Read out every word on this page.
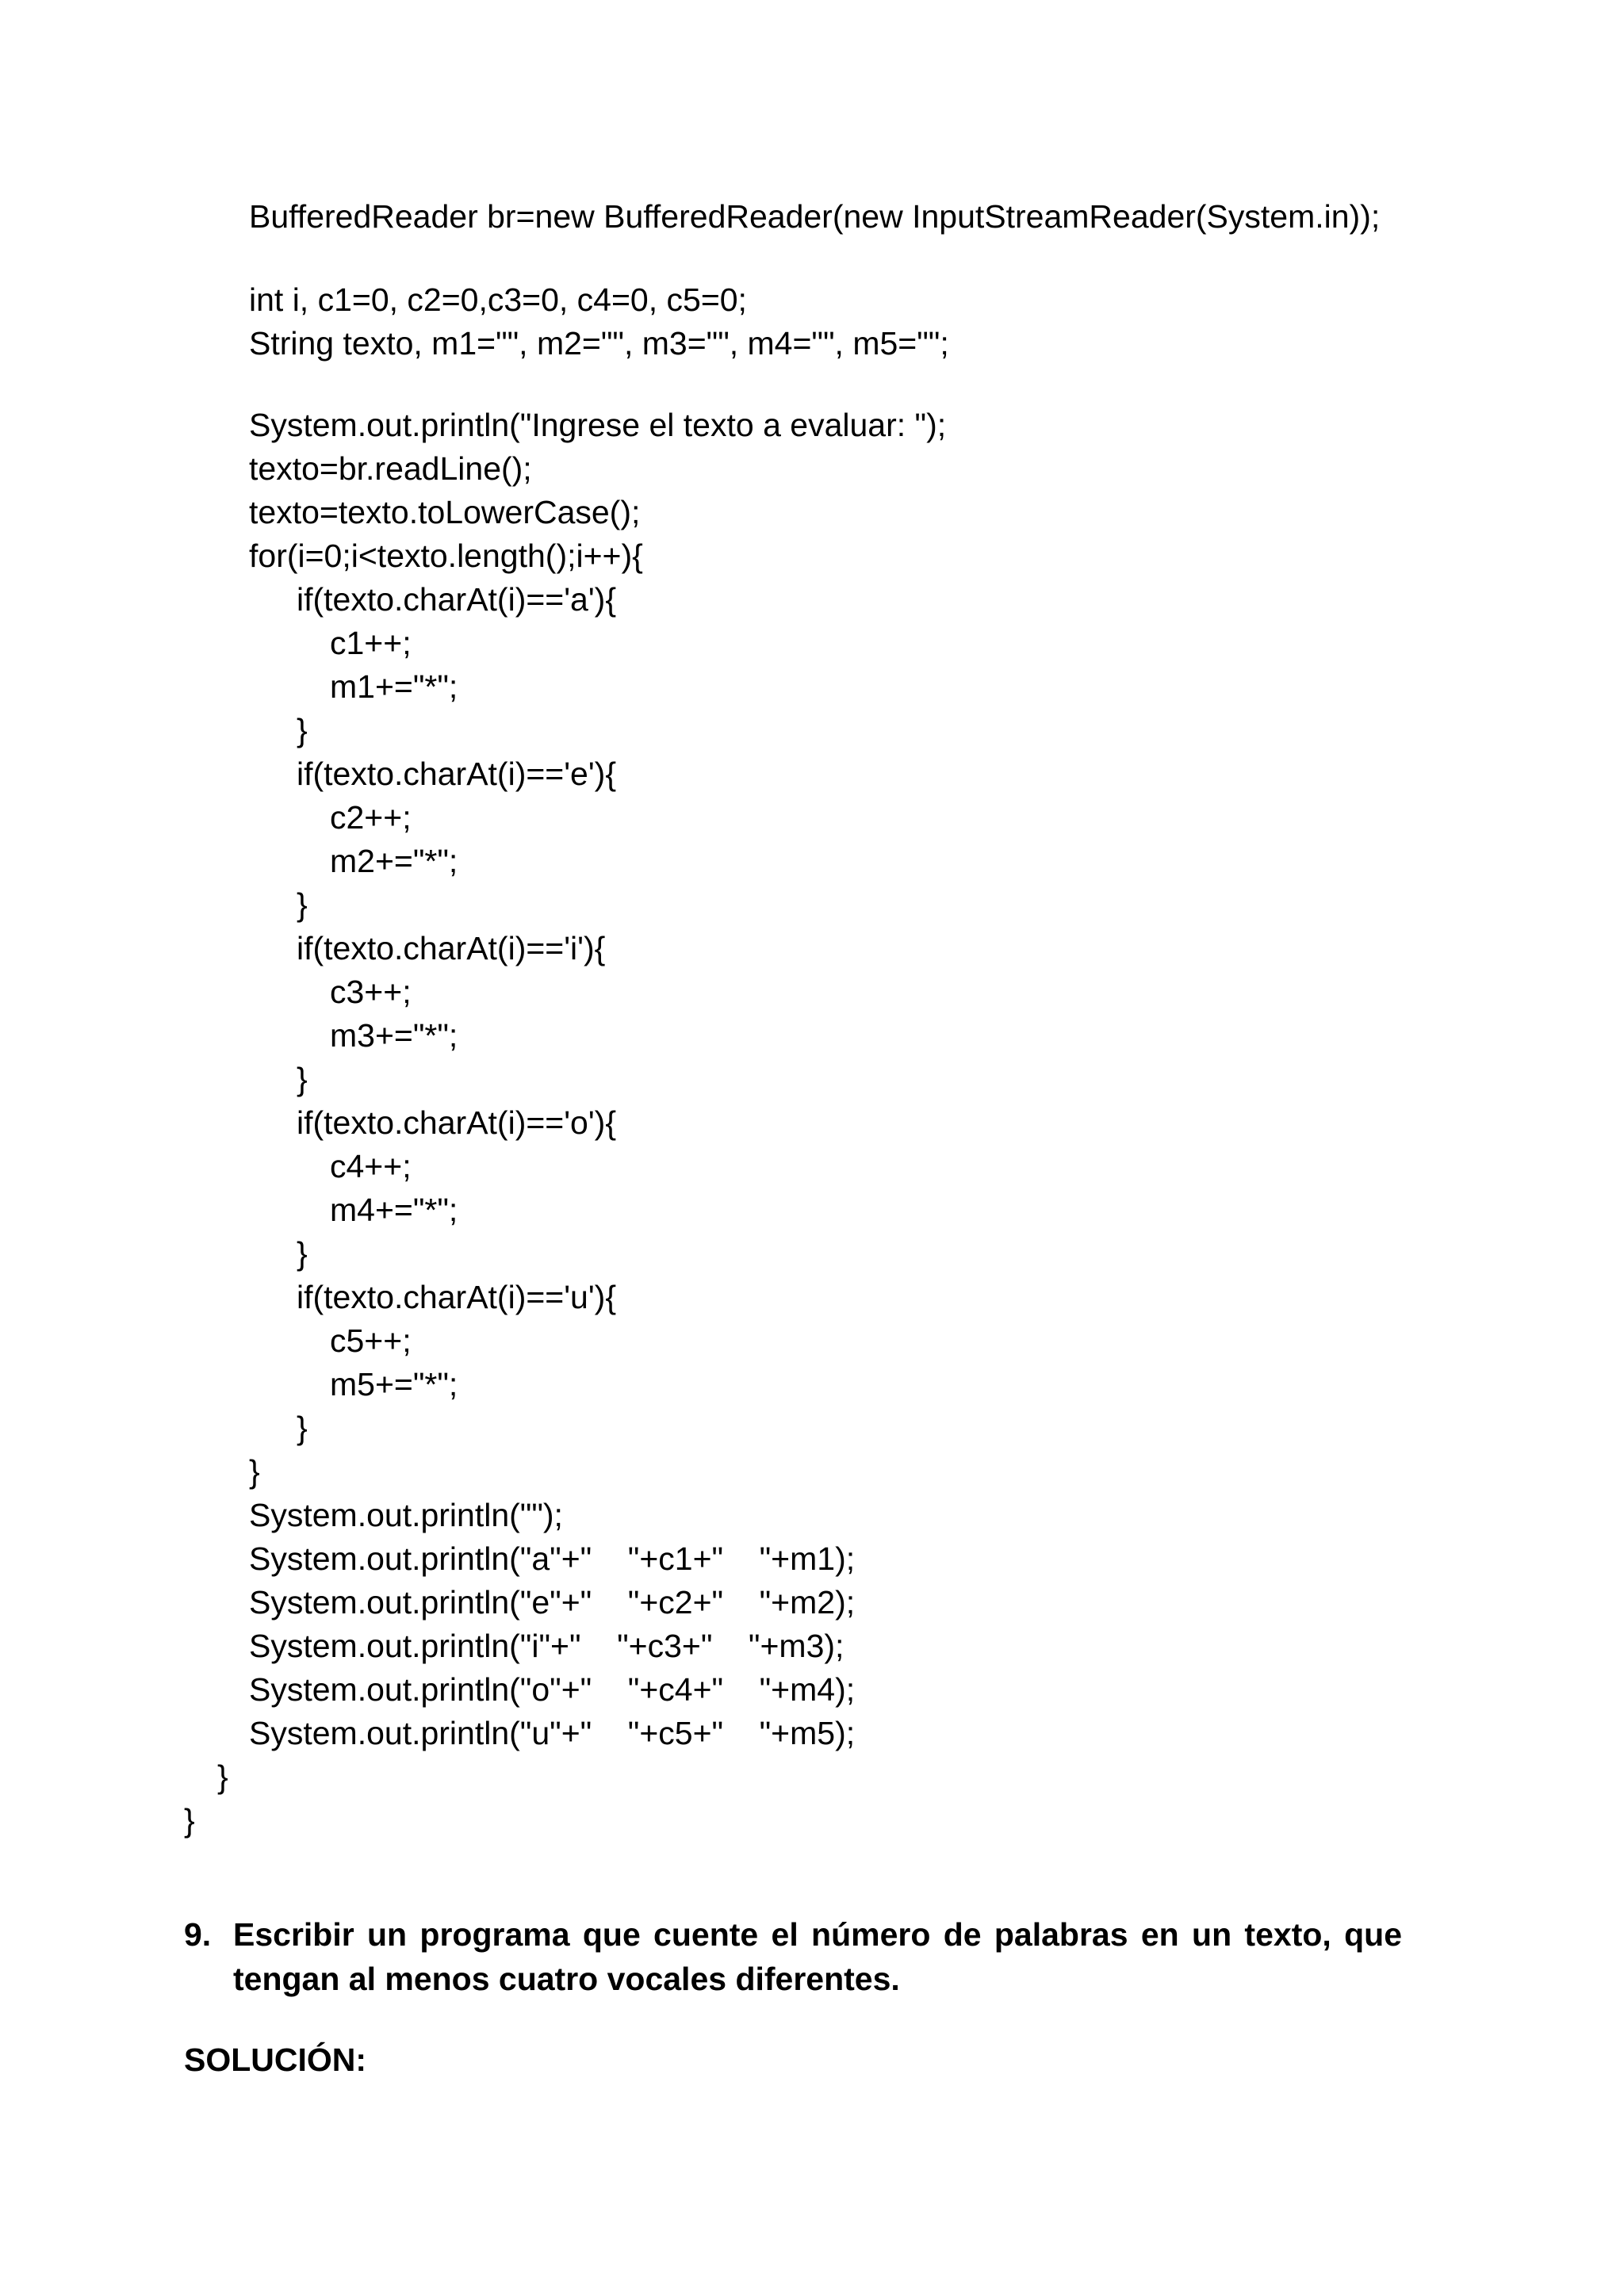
BufferedReader br=new BufferedReader(new InputStreamReader(System.in));

int i, c1=0, c2=0,c3=0, c4=0, c5=0;

String texto, m1="", m2="", m3="", m4="", m5="";

System.out.println("Ingrese el texto a evaluar: ");

texto=br.readLine();

texto=texto.toLowerCase();

for(i=0;i<texto.length();i++){

if(texto.charAt(i)=='a'){

c1++;

m1+="*";

}

if(texto.charAt(i)=='e'){

c2++;

m2+="*";

}

if(texto.charAt(i)=='i'){

c3++;

m3+="*";

}

if(texto.charAt(i)=='o'){

c4++;

m4+="*";

}

if(texto.charAt(i)=='u'){

c5++;

m5+="*";

}

}

System.out.println("");

System.out.println("a"+"    "+c1+"    "+m1);

System.out.println("e"+"    "+c2+"    "+m2);

System.out.println("i"+"    "+c3+"    "+m3);

System.out.println("o"+"    "+c4+"    "+m4);

System.out.println("u"+"    "+c5+"    "+m5);

}

}

9. Escribir un programa que cuente el número de palabras en un texto, que tengan al menos cuatro vocales diferentes.

SOLUCIÓN:
